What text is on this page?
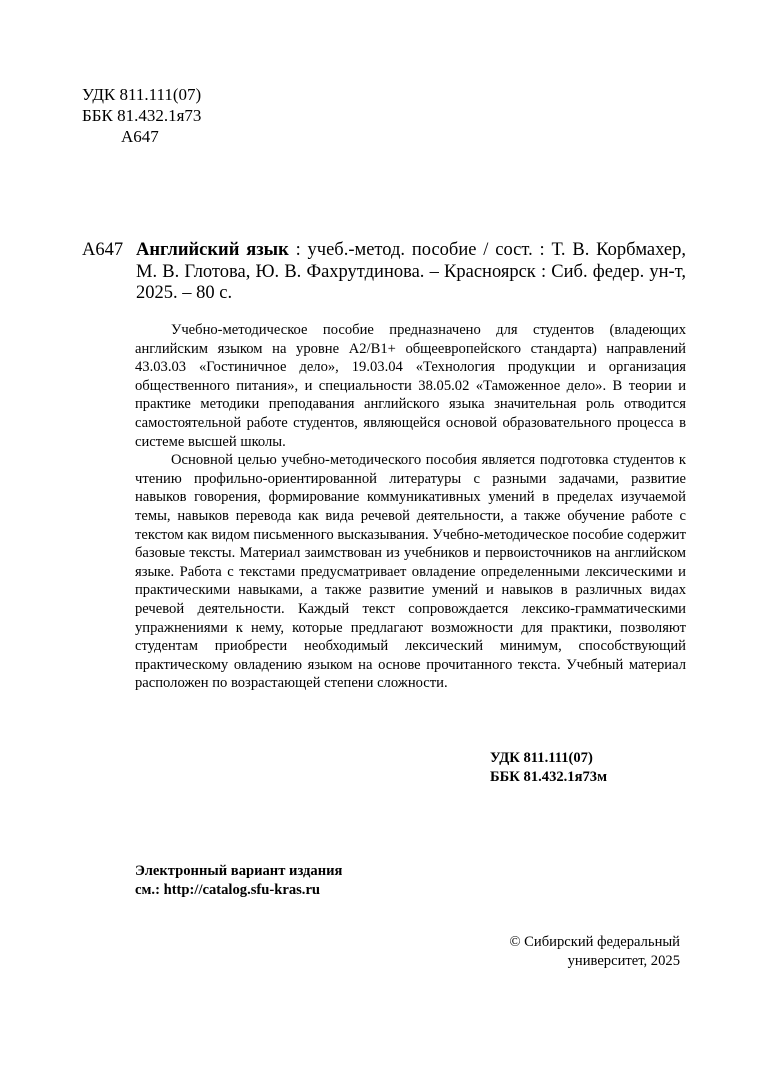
УДК 811.111(07)
ББК 81.432.1я73
А647
А647 Английский язык : учеб.-метод. пособие / сост. : Т. В. Корбмахер,
М. В. Глотова, Ю. В. Фахрутдинова. – Красноярск : Сиб. федер. ун-т, 2025. – 80 с.

Учебно-методическое пособие предназначено для студентов (владеющих английским языком на уровне А2/В1+ общеевропейского стандарта) направлений 43.03.03 «Гостиничное дело», 19.03.04 «Технология продукции и организация общественного питания», и специальности 38.05.02 «Таможенное дело». В теории и практике методики преподавания английского языка значительная роль отводится самостоятельной работе студентов, являющейся основой образовательного процесса в системе высшей школы.

Основной целью учебно-методического пособия является подготовка студентов к чтению профильно-ориентированной литературы с разными задачами, развитие навыков говорения, формирование коммуникативных умений в пределах изучаемой темы, навыков перевода как вида речевой деятельности, а также обучение работе с текстом как видом письменного высказывания. Учебно-методическое пособие содержит базовые тексты. Материал заимствован из учебников и первоисточников на английском языке. Работа с текстами предусматривает овладение определенными лексическими и практическими навыками, а также развитие умений и навыков в различных видах речевой деятельности. Каждый текст сопровождается лексико-грамматическими упражнениями к нему, которые предлагают возможности для практики, позволяют студентам приобрести необходимый лексический минимум, способствующий практическому овладению языком на основе прочитанного текста. Учебный материал расположен по возрастающей степени сложности.

УДК 811.111(07)
ББК 81.432.1я73м
Электронный вариант издания
см.: http://catalog.sfu-kras.ru
© Сибирский федеральный
университет, 2025
